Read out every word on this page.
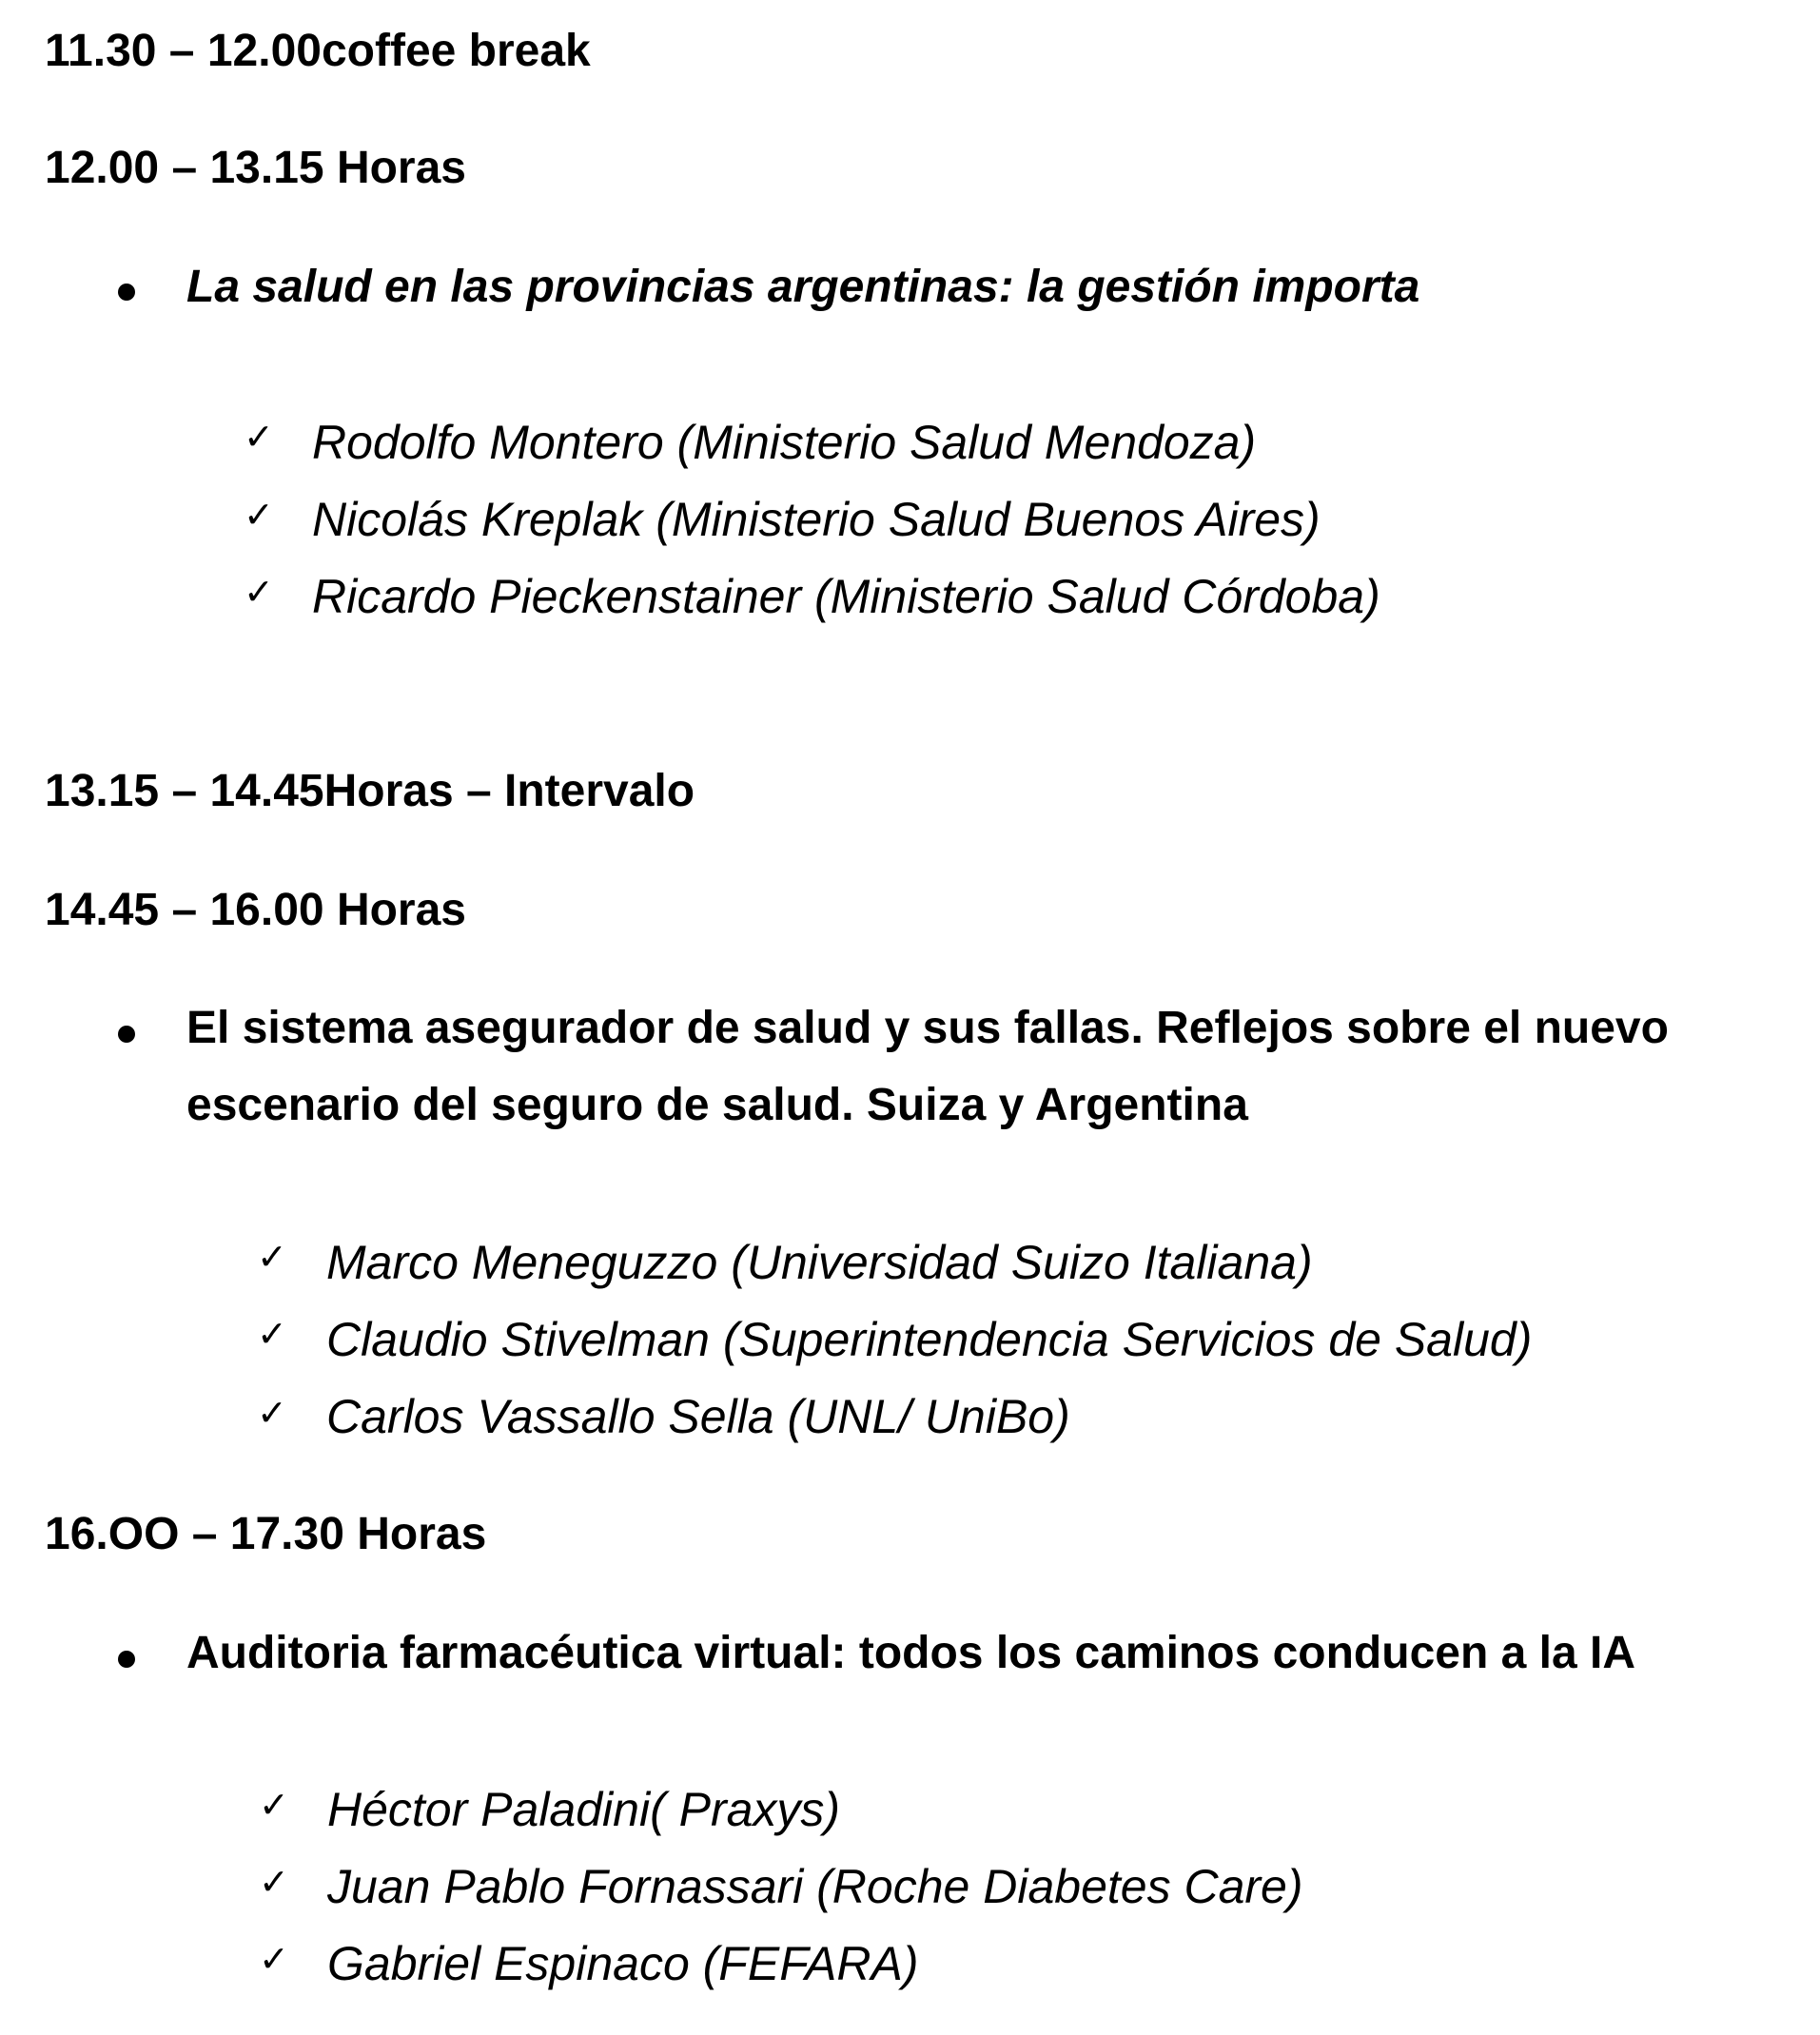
11.30 – 12.00coffee break
12.00 – 13.15 Horas
La salud en las provincias argentinas: la gestión importa
✓ Rodolfo Montero (Ministerio Salud Mendoza)
✓ Nicolás Kreplak (Ministerio Salud Buenos Aires)
✓ Ricardo Pieckenstainer (Ministerio Salud Córdoba)
13.15 – 14.45Horas – Intervalo
14.45 – 16.00 Horas
El sistema asegurador de salud y sus fallas. Reflejos sobre el nuevo
escenario del seguro de salud. Suiza y Argentina
✓ Marco Meneguzzo (Universidad Suizo Italiana)
✓ Claudio Stivelman (Superintendencia Servicios de Salud)
✓ Carlos Vassallo Sella (UNL/ UniBo)
16.OO – 17.30 Horas
Auditoria farmacéutica virtual: todos los caminos conducen a la IA
✓ Héctor Paladini( Praxys)
✓ Juan Pablo Fornassari (Roche Diabetes Care)
✓ Gabriel Espinaco (FEFARA)
